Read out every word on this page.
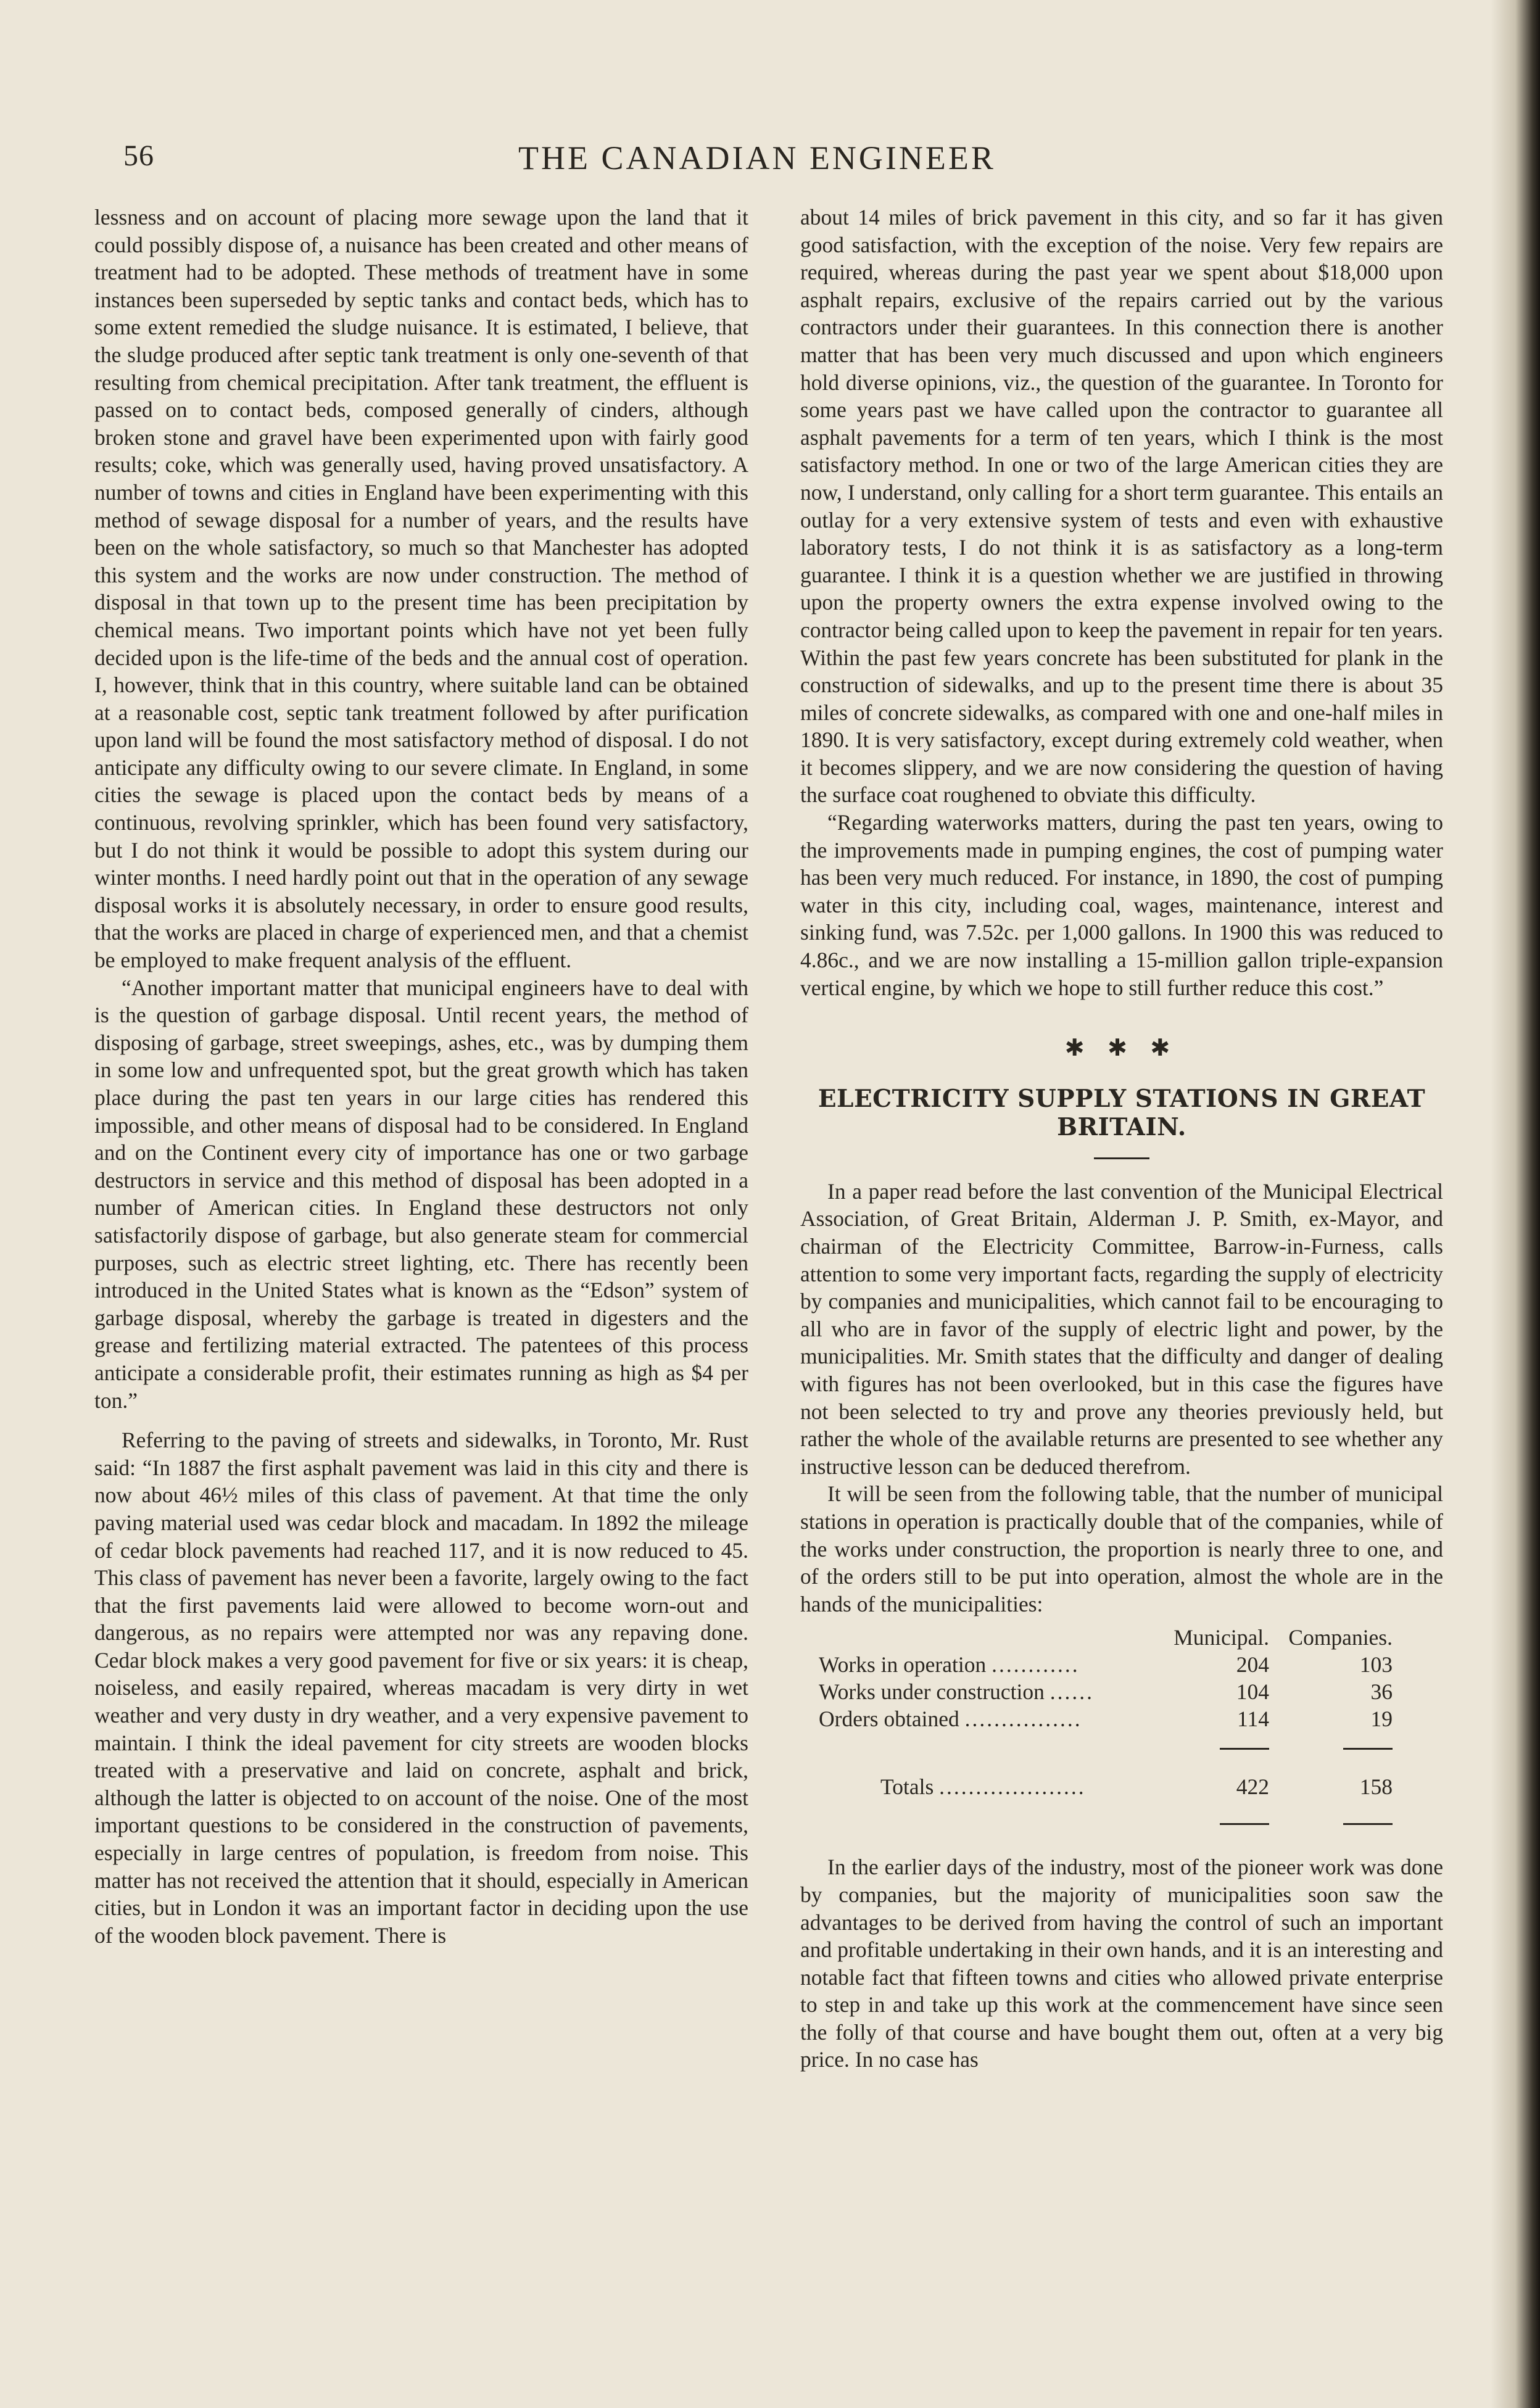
56	THE CANADIAN ENGINEER

lessness and on account of placing more sewage upon the land that it could possibly dispose of, a nuisance has been created and other means of treatment had to be adopted. These methods of treatment have in some instances been superseded by septic tanks and contact beds, which has to some extent remedied the sludge nuisance. It is estimated, I believe, that the sludge produced after septic tank treatment is only one-seventh of that resulting from chemical precipitation. After tank treatment, the effluent is passed on to contact beds, composed generally of cinders, although broken stone and gravel have been experimented upon with fairly good results; coke, which was generally used, having proved unsatisfactory. A number of towns and cities in England have been experimenting with this method of sewage disposal for a number of years, and the results have been on the whole satisfactory, so much so that Manchester has adopted this system and the works are now under construction. The method of disposal in that town up to the present time has been precipitation by chemical means. Two important points which have not yet been fully decided upon is the life-time of the beds and the annual cost of operation. I, however, think that in this country, where suitable land can be obtained at a reasonable cost, septic tank treatment followed by after purification upon land will be found the most satisfactory method of disposal. I do not anticipate any difficulty owing to our severe climate. In England, in some cities the sewage is placed upon the contact beds by means of a continuous, revolving sprinkler, which has been found very satisfactory, but I do not think it would be possible to adopt this system during our winter months. I need hardly point out that in the operation of any sewage disposal works it is absolutely necessary, in order to ensure good results, that the works are placed in charge of experienced men, and that a chemist be employed to make frequent analysis of the effluent.

“Another important matter that municipal engineers have to deal with is the question of garbage disposal. Until recent years, the method of disposing of garbage, street sweepings, ashes, etc., was by dumping them in some low and unfrequented spot, but the great growth which has taken place during the past ten years in our large cities has rendered this impossible, and other means of disposal had to be considered. In England and on the Continent every city of importance has one or two garbage destructors in service and this method of disposal has been adopted in a number of American cities. In England these destructors not only satisfactorily dispose of garbage, but also generate steam for commercial purposes, such as electric street lighting, etc. There has recently been introduced in the United States what is known as the “Edson” system of garbage disposal, whereby the garbage is treated in digesters and the grease and fertilizing material extracted. The patentees of this process anticipate a considerable profit, their estimates running as high as $4 per ton.”

Referring to the paving of streets and sidewalks, in Toronto, Mr. Rust said: “In 1887 the first asphalt pavement was laid in this city and there is now about 46½ miles of this class of pavement. At that time the only paving material used was cedar block and macadam. In 1892 the mileage of cedar block pavements had reached 117, and it is now reduced to 45. This class of pavement has never been a favorite, largely owing to the fact that the first pavements laid were allowed to become worn-out and dangerous, as no repairs were attempted nor was any repaving done. Cedar block makes a very good pavement for five or six years: it is cheap, noiseless, and easily repaired, whereas macadam is very dirty in wet weather and very dusty in dry weather, and a very expensive pavement to maintain. I think the ideal pavement for city streets are wooden blocks treated with a preservative and laid on concrete, asphalt and brick, although the latter is objected to on account of the noise. One of the most important questions to be considered in the construction of pavements, especially in large centres of population, is freedom from noise. This matter has not received the attention that it should, especially in American cities, but in London it was an important factor in deciding upon the use of the wooden block pavement. There is

about 14 miles of brick pavement in this city, and so far it has given good satisfaction, with the exception of the noise. Very few repairs are required, whereas during the past year we spent about $18,000 upon asphalt repairs, exclusive of the repairs carried out by the various contractors under their guarantees. In this connection there is another matter that has been very much discussed and upon which engineers hold diverse opinions, viz., the question of the guarantee. In Toronto for some years past we have called upon the contractor to guarantee all asphalt pavements for a term of ten years, which I think is the most satisfactory method. In one or two of the large American cities they are now, I understand, only calling for a short term guarantee. This entails an outlay for a very extensive system of tests and even with exhaustive laboratory tests, I do not think it is as satisfactory as a long-term guarantee. I think it is a question whether we are justified in throwing upon the property owners the extra expense involved owing to the contractor being called upon to keep the pavement in repair for ten years. Within the past few years concrete has been substituted for plank in the construction of sidewalks, and up to the present time there is about 35 miles of concrete sidewalks, as compared with one and one-half miles in 1890. It is very satisfactory, except during extremely cold weather, when it becomes slippery, and we are now considering the question of having the surface coat roughened to obviate this difficulty.

“Regarding waterworks matters, during the past ten years, owing to the improvements made in pumping engines, the cost of pumping water has been very much reduced. For instance, in 1890, the cost of pumping water in this city, including coal, wages, maintenance, interest and sinking fund, was 7.52c. per 1,000 gallons. In 1900 this was reduced to 4.86c., and we are now installing a 15-million gallon triple-expansion vertical engine, by which we hope to still further reduce this cost.”

✱ ✱ ✱

ELECTRICITY SUPPLY STATIONS IN GREAT BRITAIN.

In a paper read before the last convention of the Municipal Electrical Association, of Great Britain, Alderman J. P. Smith, ex-Mayor, and chairman of the Electricity Committee, Barrow-in-Furness, calls attention to some very important facts, regarding the supply of electricity by companies and municipalities, which cannot fail to be encouraging to all who are in favor of the supply of electric light and power, by the municipalities. Mr. Smith states that the difficulty and danger of dealing with figures has not been overlooked, but in this case the figures have not been selected to try and prove any theories previously held, but rather the whole of the available returns are presented to see whether any instructive lesson can be deduced therefrom.

It will be seen from the following table, that the number of municipal stations in operation is practically double that of the companies, while of the works under construction, the proportion is nearly three to one, and of the orders still to be put into operation, almost the whole are in the hands of the municipalities:

	Municipal.	Companies.
Works in operation ............	204	103
Works under construction ......	104	36
Orders obtained ................	114	19

Totals ....................	422	158

In the earlier days of the industry, most of the pioneer work was done by companies, but the majority of municipalities soon saw the advantages to be derived from having the control of such an important and profitable undertaking in their own hands, and it is an interesting and notable fact that fifteen towns and cities who allowed private enterprise to step in and take up this work at the commencement have since seen the folly of that course and have bought them out, often at a very big price. In no case has
